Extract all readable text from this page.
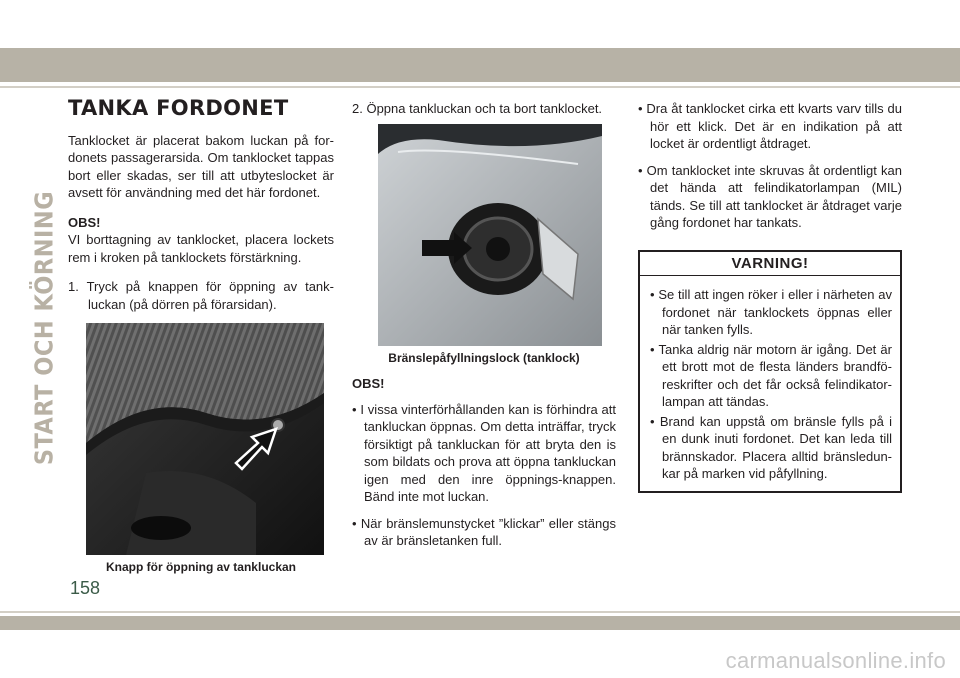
START OCH KÖRNING
TANKA FORDONET

Tanklocket är placerat bakom luckan på for-donets passagerarsida. Om tanklocket tappas bort eller skadas, ser till att utbyteslocket är avsett för användning med det här fordonet.

OBS!

VI borttagning av tanklocket, placera lockets rem i kroken på tanklockets förstärkning.

1. Tryck på knappen för öppning av tank-luckan (på dörren på förarsidan).

Knapp för öppning av tankluckan

2. Öppna tankluckan och ta bort tanklocket.

Bränslepåfyllningslock (tanklock)

OBS!

• I vissa vinterförhållanden kan is förhindra att tankluckan öppnas. Om detta inträffar, tryck försiktigt på tankluckan för att bryta den is som bildats och prova att öppna tankluckan igen med den inre öppnings-knappen. Bänd inte mot luckan.

• När bränslemunstycket ”klickar” eller stängs av är bränsletanken full.

• Dra åt tanklocket cirka ett kvarts varv tills du hör ett klick. Det är en indikation på att locket är ordentligt åtdraget.

• Om tanklocket inte skruvas åt ordentligt kan det hända att felindikatorlampan (MIL) tänds. Se till att tanklocket är åtdraget varje gång fordonet har tankats.

VARNING!

• Se till att ingen röker i eller i närheten av fordonet när tanklockets öppnas eller när tanken fylls.

• Tanka aldrig när motorn är igång. Det är ett brott mot de flesta länders brandfö-reskrifter och det får också felindikator-lampan att tändas.

• Brand kan uppstå om bränsle fylls på i en dunk inuti fordonet. Det kan leda till brännskador. Placera alltid bränsledun-kar på marken vid påfyllning.

158
carmanualsonline.info
